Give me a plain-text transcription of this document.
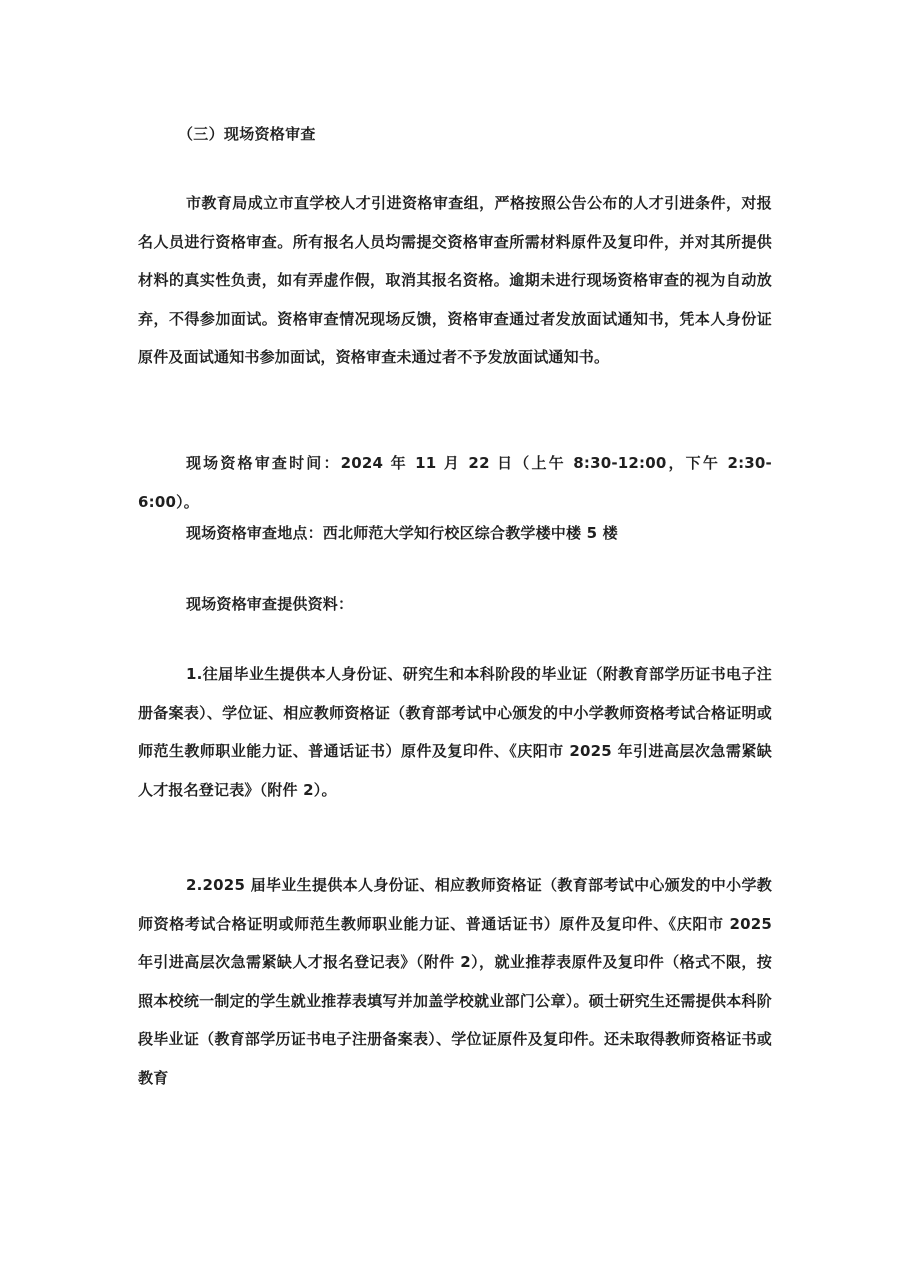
（三）现场资格审查

市教育局成立市直学校人才引进资格审查组，严格按照公告公布的人才引进条件，对报名人员进行资格审查。所有报名人员均需提交资格审查所需材料原件及复印件，并对其所提供材料的真实性负责，如有弄虚作假，取消其报名资格。逾期未进行现场资格审查的视为自动放弃，不得参加面试。资格审查情况现场反馈，资格审查通过者发放面试通知书，凭本人身份证原件及面试通知书参加面试，资格审查未通过者不予发放面试通知书。

现场资格审查时间：2024 年 11 月 22 日（上午 8:30-12:00，下午 2:30-6:00）。

现场资格审查地点：西北师范大学知行校区综合教学楼中楼 5 楼

现场资格审查提供资料：

1.往届毕业生提供本人身份证、研究生和本科阶段的毕业证（附教育部学历证书电子注册备案表）、学位证、相应教师资格证（教育部考试中心颁发的中小学教师资格考试合格证明或师范生教师职业能力证、普通话证书）原件及复印件、《庆阳市 2025 年引进高层次急需紧缺人才报名登记表》（附件 2）。

2.2025 届毕业生提供本人身份证、相应教师资格证（教育部考试中心颁发的中小学教师资格考试合格证明或师范生教师职业能力证、普通话证书）原件及复印件、《庆阳市 2025 年引进高层次急需紧缺人才报名登记表》（附件 2），就业推荐表原件及复印件（格式不限，按照本校统一制定的学生就业推荐表填写并加盖学校就业部门公章）。硕士研究生还需提供本科阶段毕业证（教育部学历证书电子注册备案表）、学位证原件及复印件。还未取得教师资格证书或教育
